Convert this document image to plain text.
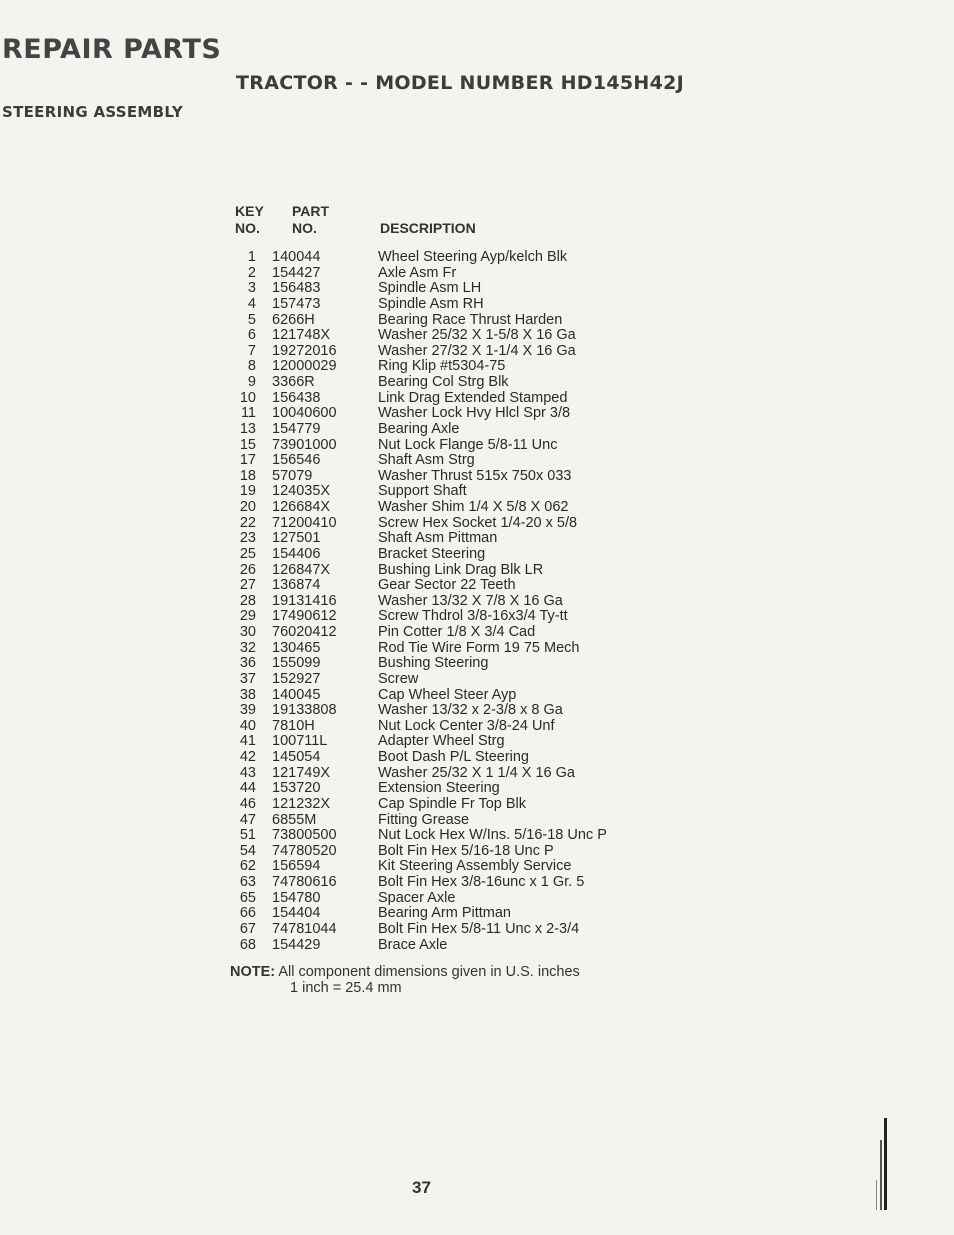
REPAIR PARTS
TRACTOR - - MODEL NUMBER HD145H42J
STEERING ASSEMBLY
KEY
NO.
PART
NO.	DESCRIPTION
1 140044	Wheel Steering Ayp/kelch Blk
2 154427	Axle Asm Fr
3 156483	Spindle Asm LH
4 157473	Spindle Asm RH
5 6266H	Bearing Race Thrust Harden
6 121748X	Washer 25/32 X 1-5/8 X 16 Ga
7 19272016	Washer 27/32 X 1-1/4 X 16 Ga
8 12000029	Ring Klip #t5304-75
9 3366R	Bearing Col Strg Blk
10 156438	Link Drag Extended Stamped
11 10040600	Washer Lock Hvy Hlcl Spr 3/8
13 154779	Bearing Axle
15 73901000	Nut Lock Flange 5/8-11 Unc
17 156546	Shaft Asm Strg
18 57079	Washer Thrust 515x 750x 033
19 124035X	Support Shaft
20 126684X	Washer Shim 1/4 X 5/8 X 062
22 71200410	Screw Hex Socket 1/4-20 x 5/8
23 127501	Shaft Asm Pittman
25 154406	Bracket Steering
26 126847X	Bushing Link Drag Blk LR
27 136874	Gear Sector 22 Teeth
28 19131416	Washer 13/32 X 7/8 X 16 Ga
29 17490612	Screw Thdrol 3/8-16x3/4 Ty-tt
30 76020412	Pin Cotter 1/8 X 3/4 Cad
32 130465	Rod Tie Wire Form 19 75 Mech
36 155099	Bushing Steering
37 152927	Screw
38 140045	Cap Wheel Steer Ayp
39 19133808	Washer 13/32 x 2-3/8 x 8 Ga
40 7810H	Nut Lock Center 3/8-24 Unf
41 100711L	Adapter Wheel Strg
42 145054	Boot Dash P/L Steering
43 121749X	Washer 25/32 X 1 1/4 X 16 Ga
44 153720	Extension Steering
46 121232X	Cap Spindle Fr Top Blk
47 6855M	Fitting Grease
51 73800500	Nut Lock Hex W/Ins. 5/16-18 Unc P
54 74780520	Bolt Fin Hex 5/16-18 Unc P
62 156594	Kit Steering Assembly Service
63 74780616	Bolt Fin Hex 3/8-16unc x 1 Gr. 5
65 154780	Spacer Axle
66 154404	Bearing Arm Pittman
67 74781044	Bolt Fin Hex 5/8-11 Unc x 2-3/4
68 154429	Brace Axle
NOTE: All component dimensions given in U.S. inches
1 inch = 25.4 mm
37
